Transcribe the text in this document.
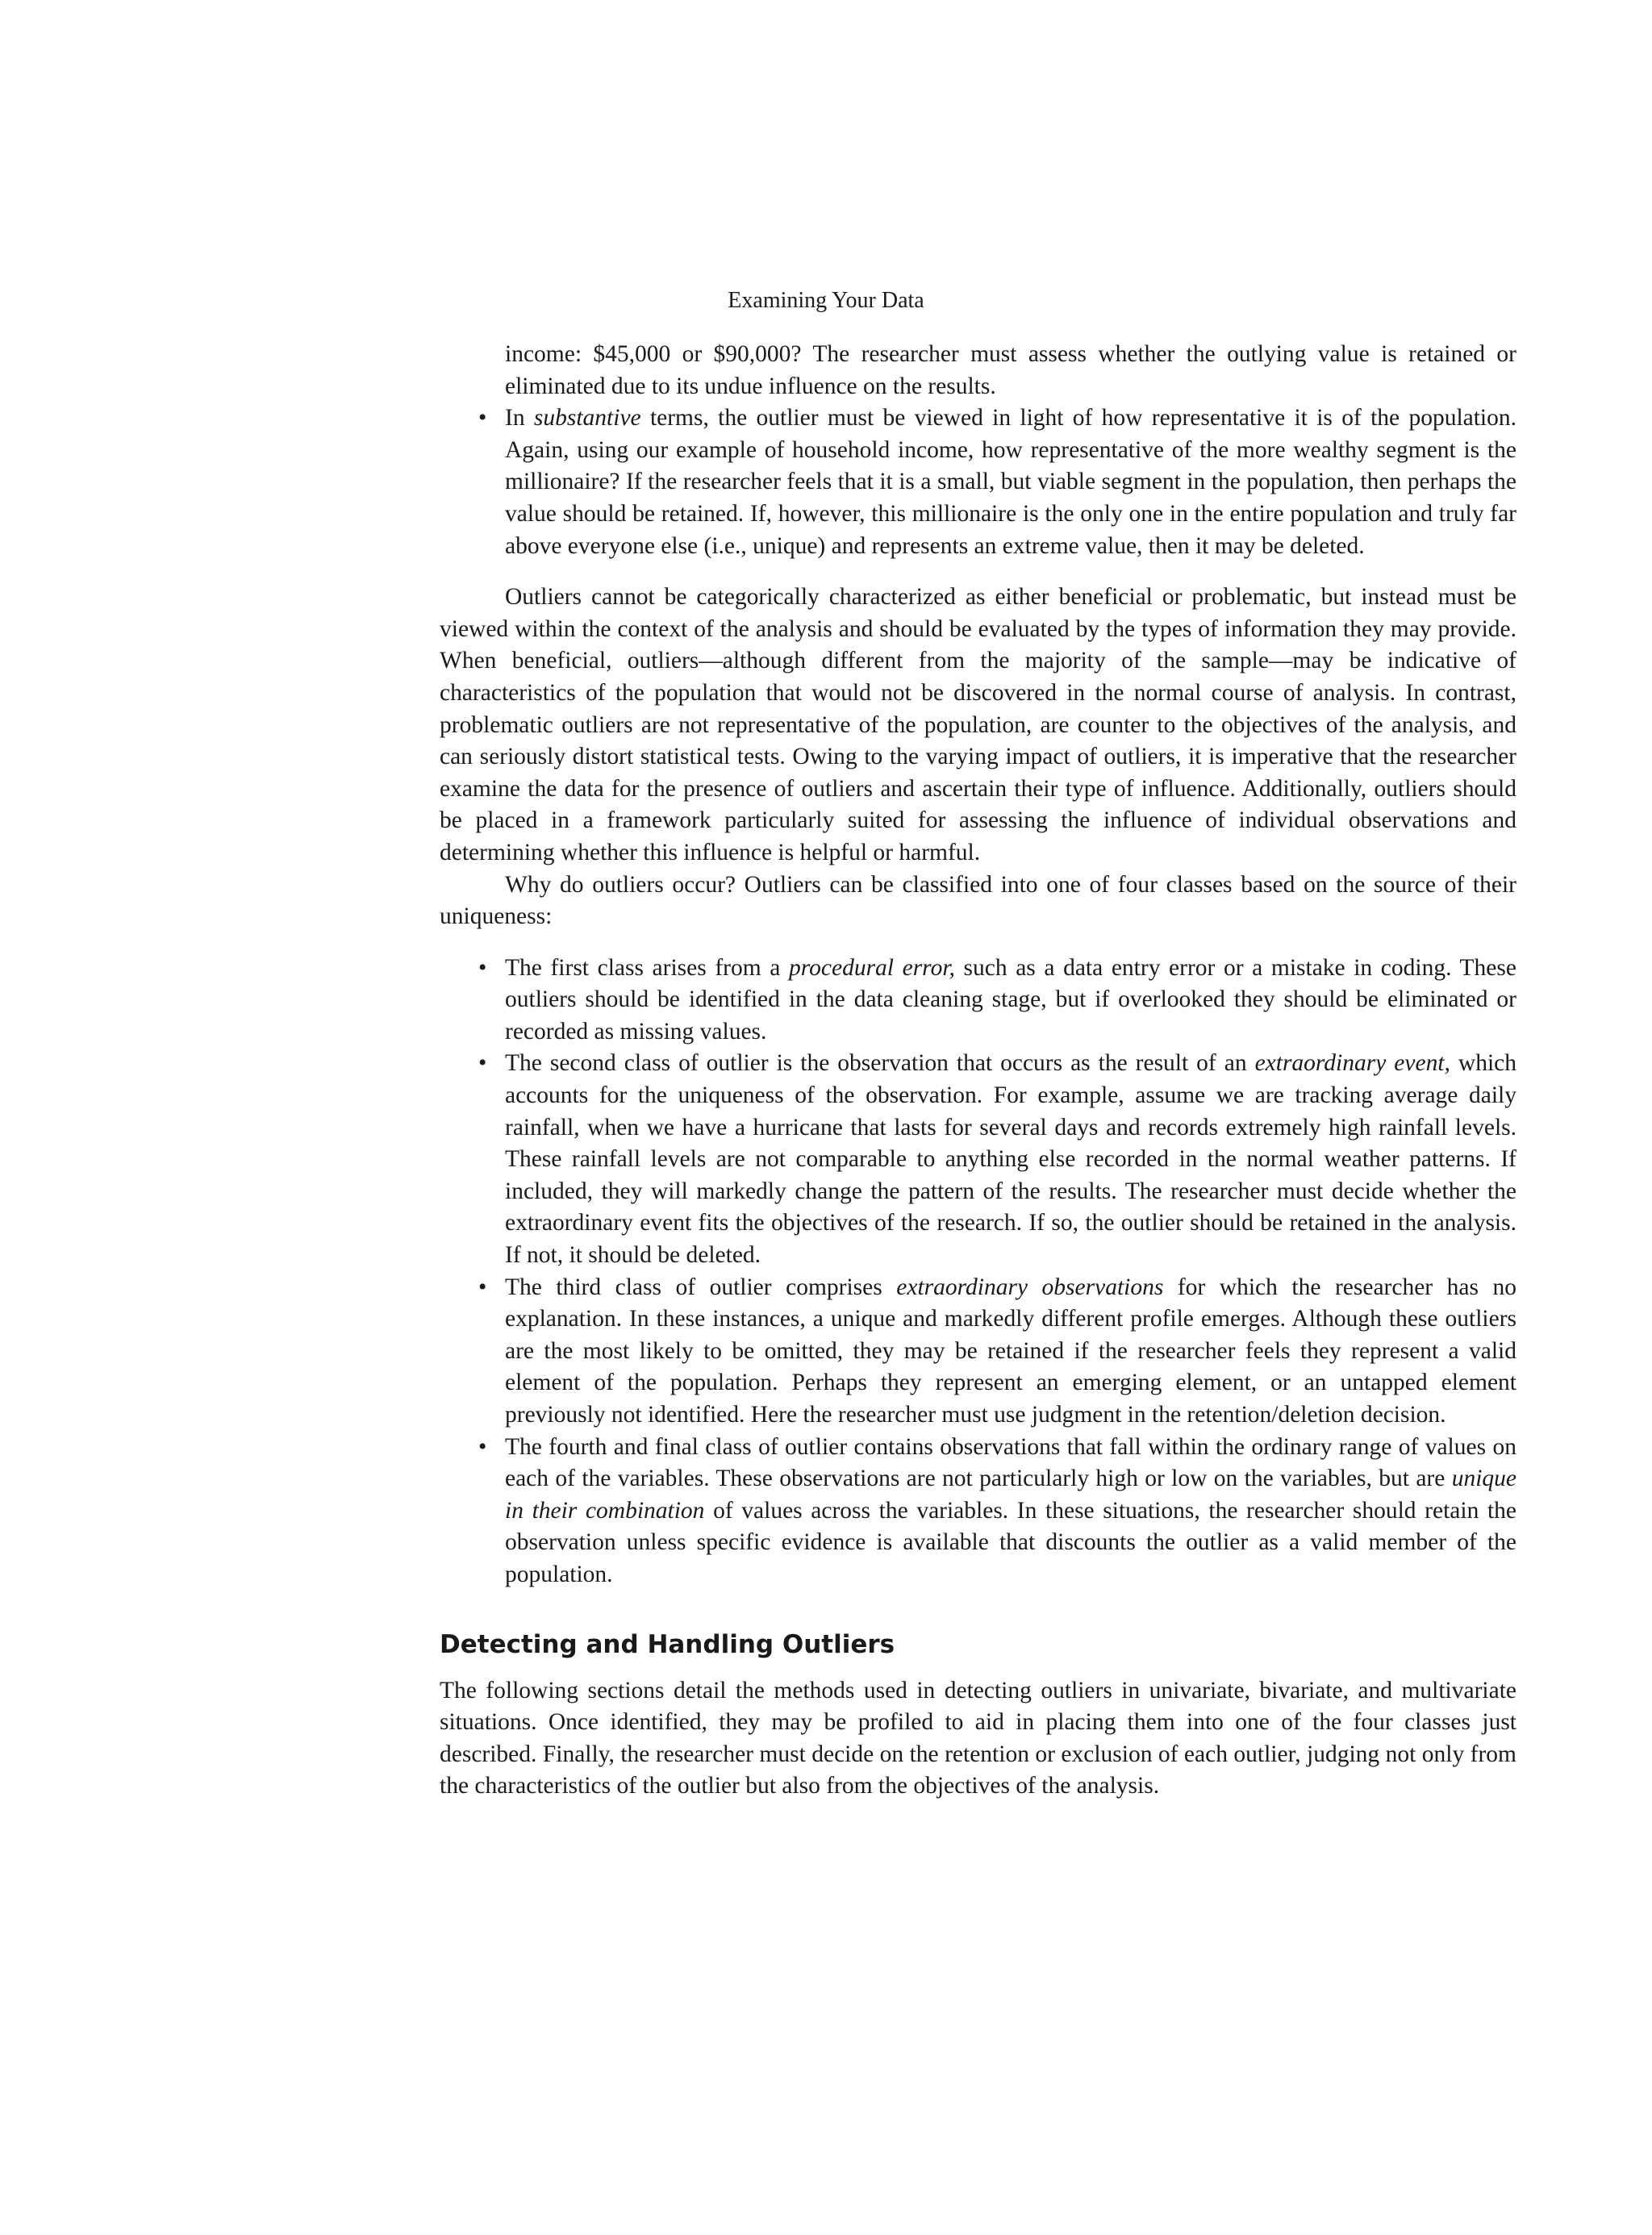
Examining Your Data

income: $45,000 or $90,000? The researcher must assess whether the outlying value is retained or eliminated due to its undue influence on the results.

• In substantive terms, the outlier must be viewed in light of how representative it is of the population. Again, using our example of household income, how representative of the more wealthy segment is the millionaire? If the researcher feels that it is a small, but viable segment in the population, then perhaps the value should be retained. If, however, this millionaire is the only one in the entire population and truly far above everyone else (i.e., unique) and represents an extreme value, then it may be deleted.

Outliers cannot be categorically characterized as either beneficial or problematic, but instead must be viewed within the context of the analysis and should be evaluated by the types of information they may provide. When beneficial, outliers—although different from the majority of the sample—may be indicative of characteristics of the population that would not be discovered in the normal course of analysis. In contrast, problematic outliers are not representative of the population, are counter to the objectives of the analysis, and can seriously distort statistical tests. Owing to the varying impact of outliers, it is imperative that the researcher examine the data for the presence of outliers and ascertain their type of influence. Additionally, outliers should be placed in a framework particularly suited for assessing the influence of individual observations and determining whether this influence is helpful or harmful.

Why do outliers occur? Outliers can be classified into one of four classes based on the source of their uniqueness:

• The first class arises from a procedural error, such as a data entry error or a mistake in coding. These outliers should be identified in the data cleaning stage, but if overlooked they should be eliminated or recorded as missing values.
• The second class of outlier is the observation that occurs as the result of an extraordinary event, which accounts for the uniqueness of the observation. For example, assume we are tracking average daily rainfall, when we have a hurricane that lasts for several days and records extremely high rainfall levels. These rainfall levels are not comparable to anything else recorded in the normal weather patterns. If included, they will markedly change the pattern of the results. The researcher must decide whether the extraordinary event fits the objectives of the research. If so, the outlier should be retained in the analysis. If not, it should be deleted.
• The third class of outlier comprises extraordinary observations for which the researcher has no explanation. In these instances, a unique and markedly different profile emerges. Although these outliers are the most likely to be omitted, they may be retained if the researcher feels they represent a valid element of the population. Perhaps they represent an emerging element, or an untapped element previously not identified. Here the researcher must use judgment in the retention/deletion decision.
• The fourth and final class of outlier contains observations that fall within the ordinary range of values on each of the variables. These observations are not particularly high or low on the variables, but are unique in their combination of values across the variables. In these situations, the researcher should retain the observation unless specific evidence is available that discounts the outlier as a valid member of the population.
Detecting and Handling Outliers

The following sections detail the methods used in detecting outliers in univariate, bivariate, and multivariate situations. Once identified, they may be profiled to aid in placing them into one of the four classes just described. Finally, the researcher must decide on the retention or exclusion of each outlier, judging not only from the characteristics of the outlier but also from the objectives of the analysis.
